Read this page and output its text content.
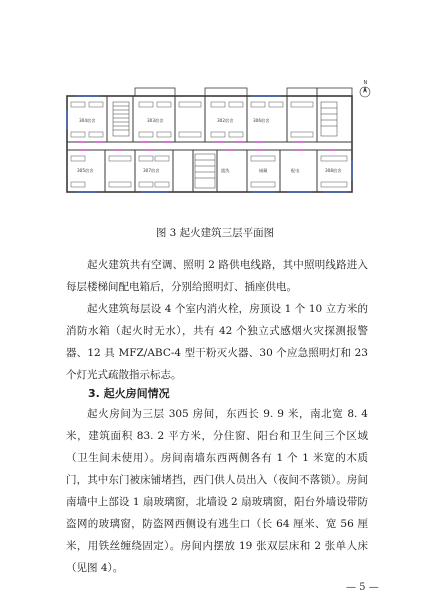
304宿舍	303宿舍	302宿舍
305宿舍	307宿舍
306宿舍
盥洗	储藏	配电	308宿舍
N
图 3 起火建筑三层平面图

起火建筑共有空调、照明 2 路供电线路，其中照明线路进入每层楼梯间配电箱后，分别给照明灯、插座供电。

起火建筑每层设 4 个室内消火栓，房顶设 1 个 10 立方米的消防水箱（起火时无水），共有 42 个独立式感烟火灾探测报警器、12 具 MFZ/ABC-4 型干粉灭火器、30 个应急照明灯和 23 个灯光式疏散指示标志。

3. 起火房间情况

起火房间为三层 305 房间，东西长 9. 9 米，南北宽 8. 4 米，建筑面积 83. 2 平方米，分住窗、阳台和卫生间三个区域（卫生间未使用）。房间南墙东西两侧各有 1 个 1 米宽的木质门，其中东门被床铺堵挡，西门供人员出入（夜间不落锁）。房间南墙中上部设 1 扇玻璃窗，北墙设 2 扇玻璃窗，阳台外墙设带防盗网的玻璃窗，防盗网西侧设有逃生口（长 64 厘米、宽 56 厘米，用铁丝缠绕固定）。房间内摆放 19 张双层床和 2 张单人床（见图 4）。

— 5 —
